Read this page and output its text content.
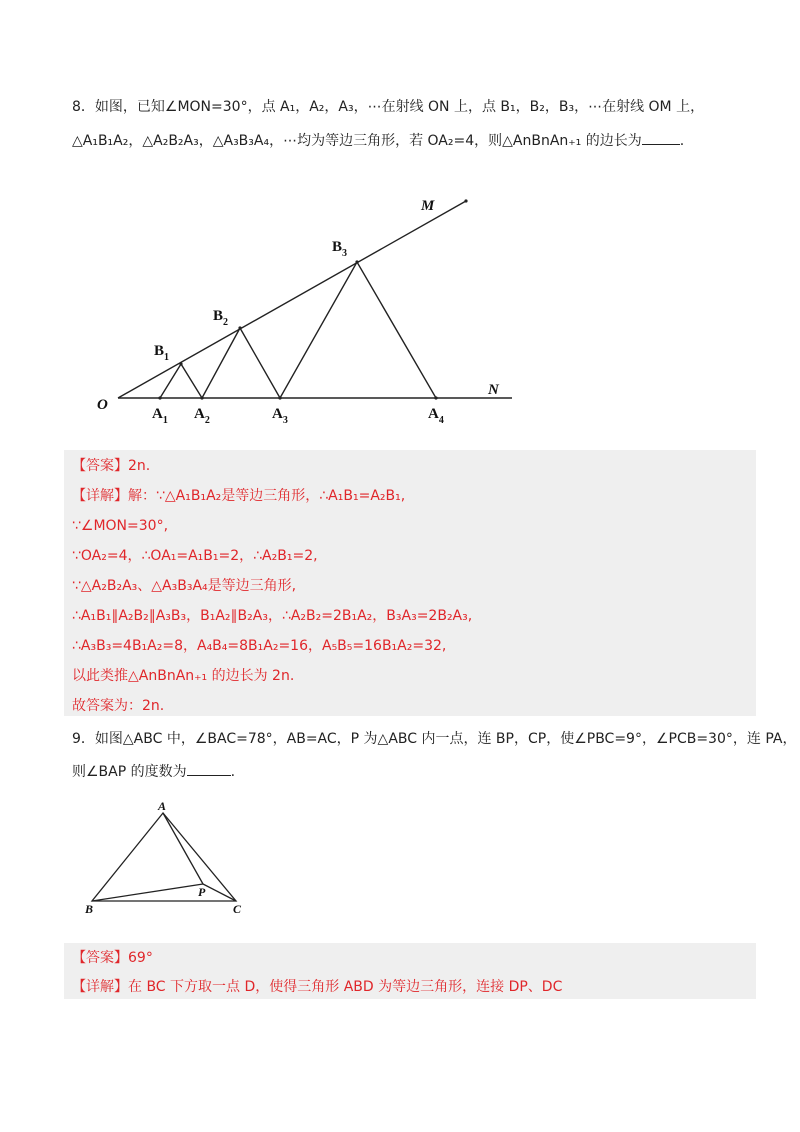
8．如图，已知∠MON=30°，点 A₁，A₂，A₃，⋯在射线 ON 上，点 B₁，B₂，B₃，⋯在射线 OM 上，
△A₁B₁A₂，△A₂B₂A₃，△A₃B₃A₄，⋯均为等边三角形，若 OA₂=4，则△AnBnAn₊₁ 的边长为	.
O
M
N
$B_1$
$B_2$
$B_3$
$A_1$ $A_2$	$A_3$	$A_4$
【答案】2n.
【详解】解：∵△A₁B₁A₂是等边三角形，∴A₁B₁=A₂B₁,
∵∠MON=30°,
∵OA₂=4，∴OA₁=A₁B₁=2，∴A₂B₁=2,
∵△A₂B₂A₃、△A₃B₃A₄是等边三角形,
∴A₁B₁∥A₂B₂∥A₃B₃，B₁A₂∥B₂A₃，∴A₂B₂=2B₁A₂，B₃A₃=2B₂A₃,
∴A₃B₃=4B₁A₂=8，A₄B₄=8B₁A₂=16，A₅B₅=16B₁A₂=32,
以此类推△AnBnAn₊₁ 的边长为 2n.
故答案为：2n.
9．如图△ABC 中，∠BAC=78°，AB=AC，P 为△ABC 内一点，连 BP，CP，使∠PBC=9°，∠PCB=30°，连 PA，
则∠BAP 的度数为	.
A
B	C
P
【答案】69°
【详解】在 BC 下方取一点 D，使得三角形 ABD 为等边三角形，连接 DP、DC
